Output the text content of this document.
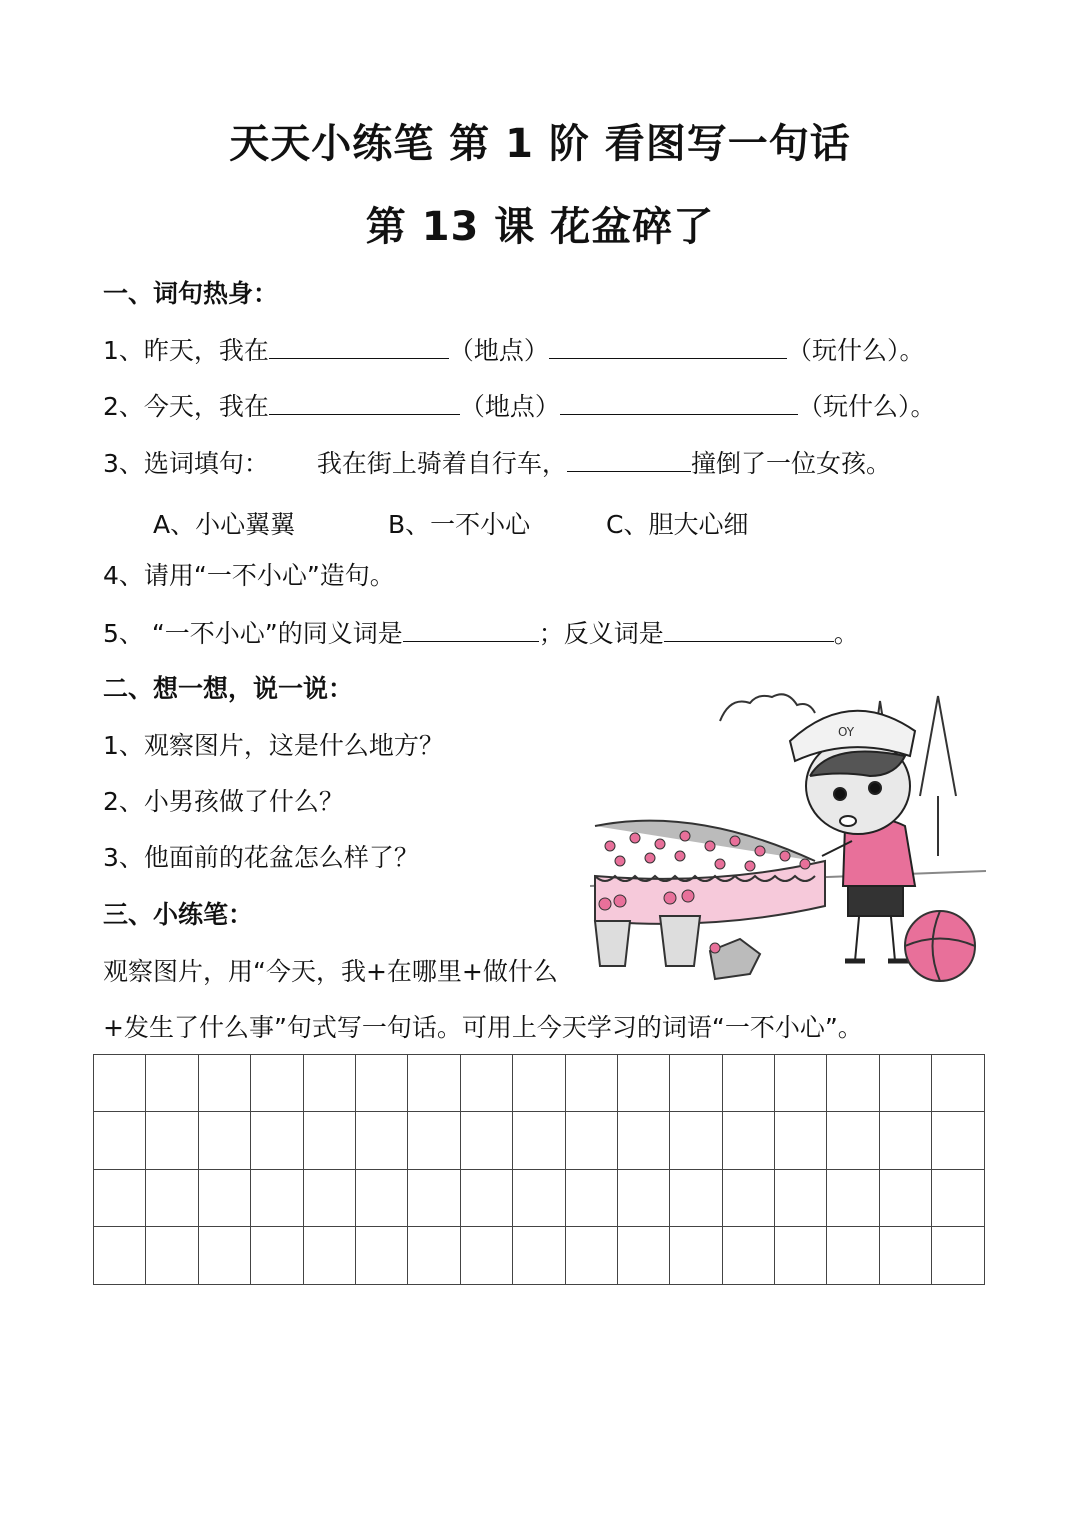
天天小练笔 第 1 阶 看图写一句话
第 13 课 花盆碎了
一、词句热身：
1、昨天，我在	（地点）	（玩什么）。
2、今天，我在	（地点）	（玩什么）。
3、选词填句： 我在街上骑着自行车，	撞倒了一位女孩。
A、小心翼翼	B、一不小心	C、胆大心细
4、请用“一不小心”造句。
5、 “一不小心”的同义词是	；反义词是	。
二、想一想，说一说：
1、观察图片，这是什么地方？
2、小男孩做了什么？
3、他面前的花盆怎么样了？
三、小练笔：
观察图片，用“今天，我+在哪里+做什么
+发生了什么事”句式写一句话。可用上今天学习的词语“一不小心”。
OY
